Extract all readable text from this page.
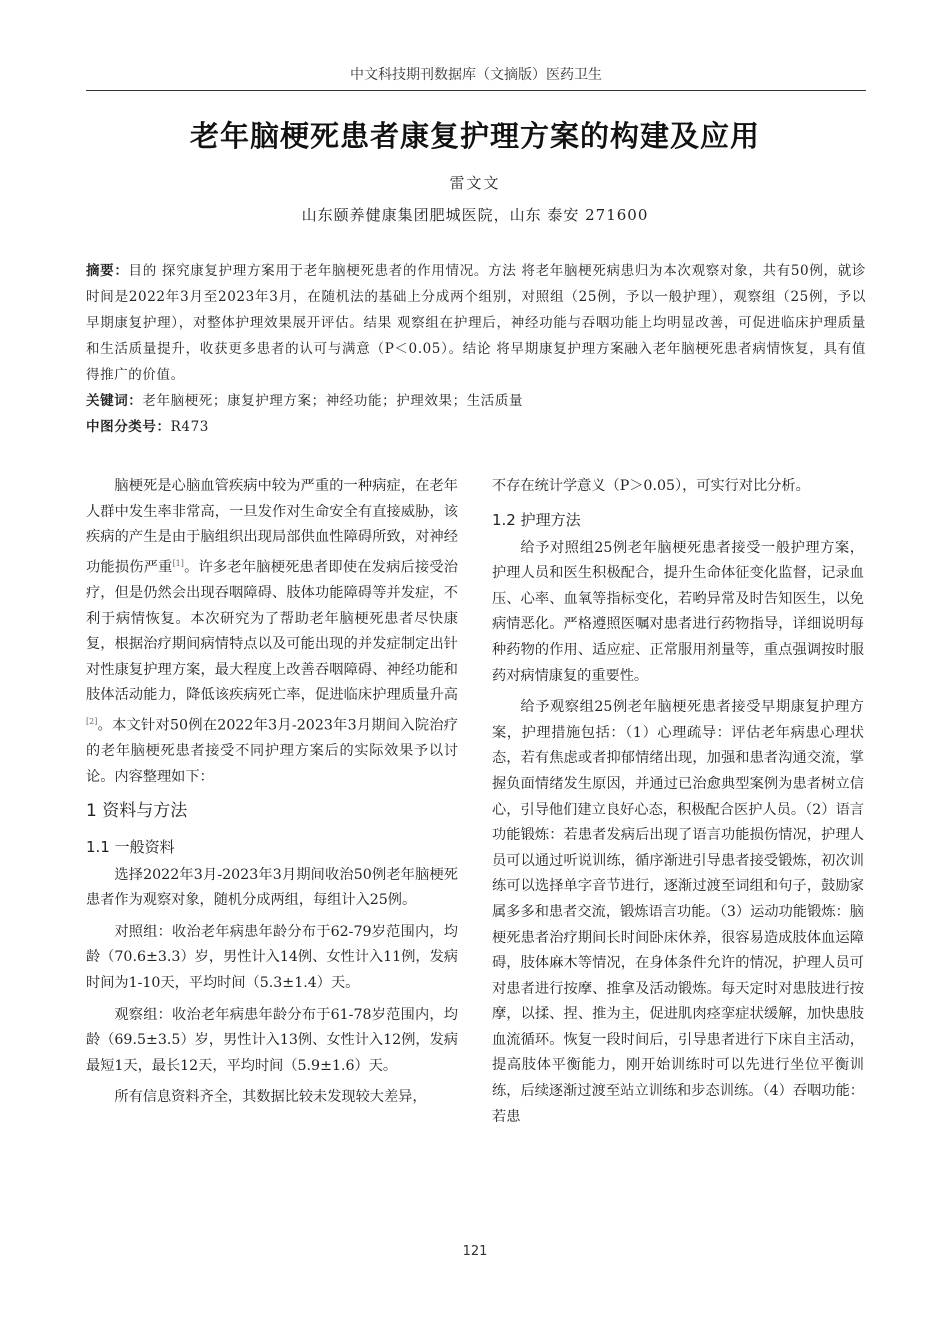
中文科技期刊数据库（文摘版）医药卫生
老年脑梗死患者康复护理方案的构建及应用
雷文文
山东颐养健康集团肥城医院，山东 泰安 271600

摘要：目的 探究康复护理方案用于老年脑梗死患者的作用情况。方法 将老年脑梗死病患归为本次观察对象，共有50例，就诊时间是2022年3月至2023年3月，在随机法的基础上分成两个组别，对照组（25例，予以一般护理），观察组（25例，予以早期康复护理），对整体护理效果展开评估。结果 观察组在护理后，神经功能与吞咽功能上均明显改善，可促进临床护理质量和生活质量提升，收获更多患者的认可与满意（P＜0.05）。结论 将早期康复护理方案融入老年脑梗死患者病情恢复，具有值得推广的价值。

关键词：老年脑梗死；康复护理方案；神经功能；护理效果；生活质量

中图分类号：R473

脑梗死是心脑血管疾病中较为严重的一种病症，在老年人群中发生率非常高，一旦发作对生命安全有直接威胁，该疾病的产生是由于脑组织出现局部供血性障碍所致，对神经功能损伤严重[1]。许多老年脑梗死患者即使在发病后接受治疗，但是仍然会出现吞咽障碍、肢体功能障碍等并发症，不利于病情恢复。本次研究为了帮助老年脑梗死患者尽快康复，根据治疗期间病情特点以及可能出现的并发症制定出针对性康复护理方案，最大程度上改善吞咽障碍、神经功能和肢体活动能力，降低该疾病死亡率，促进临床护理质量升高[2]。本文针对50例在2022年3月-2023年3月期间入院治疗的老年脑梗死患者接受不同护理方案后的实际效果予以讨论。内容整理如下：

1 资料与方法
1.1 一般资料

选择2022年3月-2023年3月期间收治50例老年脑梗死患者作为观察对象，随机分成两组，每组计入25例。

对照组：收治老年病患年龄分布于62-79岁范围内，均龄（70.6±3.3）岁，男性计入14例、女性计入11例，发病时间为1-10天，平均时间（5.3±1.4）天。

观察组：收治老年病患年龄分布于61-78岁范围内，均龄（69.5±3.5）岁，男性计入13例、女性计入12例，发病最短1天，最长12天，平均时间（5.9±1.6）天。

所有信息资料齐全，其数据比较未发现较大差异，

不存在统计学意义（P＞0.05），可实行对比分析。

1.2 护理方法

给予对照组25例老年脑梗死患者接受一般护理方案，护理人员和医生积极配合，提升生命体征变化监督，记录血压、心率、血氧等指标变化，若哟异常及时告知医生，以免病情恶化。严格遵照医嘱对患者进行药物指导，详细说明每种药物的作用、适应症、正常服用剂量等，重点强调按时服药对病情康复的重要性。

给予观察组25例老年脑梗死患者接受早期康复护理方案，护理措施包括：（1）心理疏导：评估老年病患心理状态，若有焦虑或者抑郁情绪出现，加强和患者沟通交流，掌握负面情绪发生原因，并通过已治愈典型案例为患者树立信心，引导他们建立良好心态，积极配合医护人员。（2）语言功能锻炼：若患者发病后出现了语言功能损伤情况，护理人员可以通过听说训练，循序渐进引导患者接受锻炼，初次训练可以选择单字音节进行，逐渐过渡至词组和句子，鼓励家属多多和患者交流，锻炼语言功能。（3）运动功能锻炼：脑梗死患者治疗期间长时间卧床休养，很容易造成肢体血运障碍，肢体麻木等情况，在身体条件允许的情况，护理人员可对患者进行按摩、推拿及活动锻炼。每天定时对患肢进行按摩，以揉、捏、推为主，促进肌肉痉挛症状缓解，加快患肢血流循环。恢复一段时间后，引导患者进行下床自主活动，提高肢体平衡能力，刚开始训练时可以先进行坐位平衡训练，后续逐渐过渡至站立训练和步态训练。（4）吞咽功能：若患

121
